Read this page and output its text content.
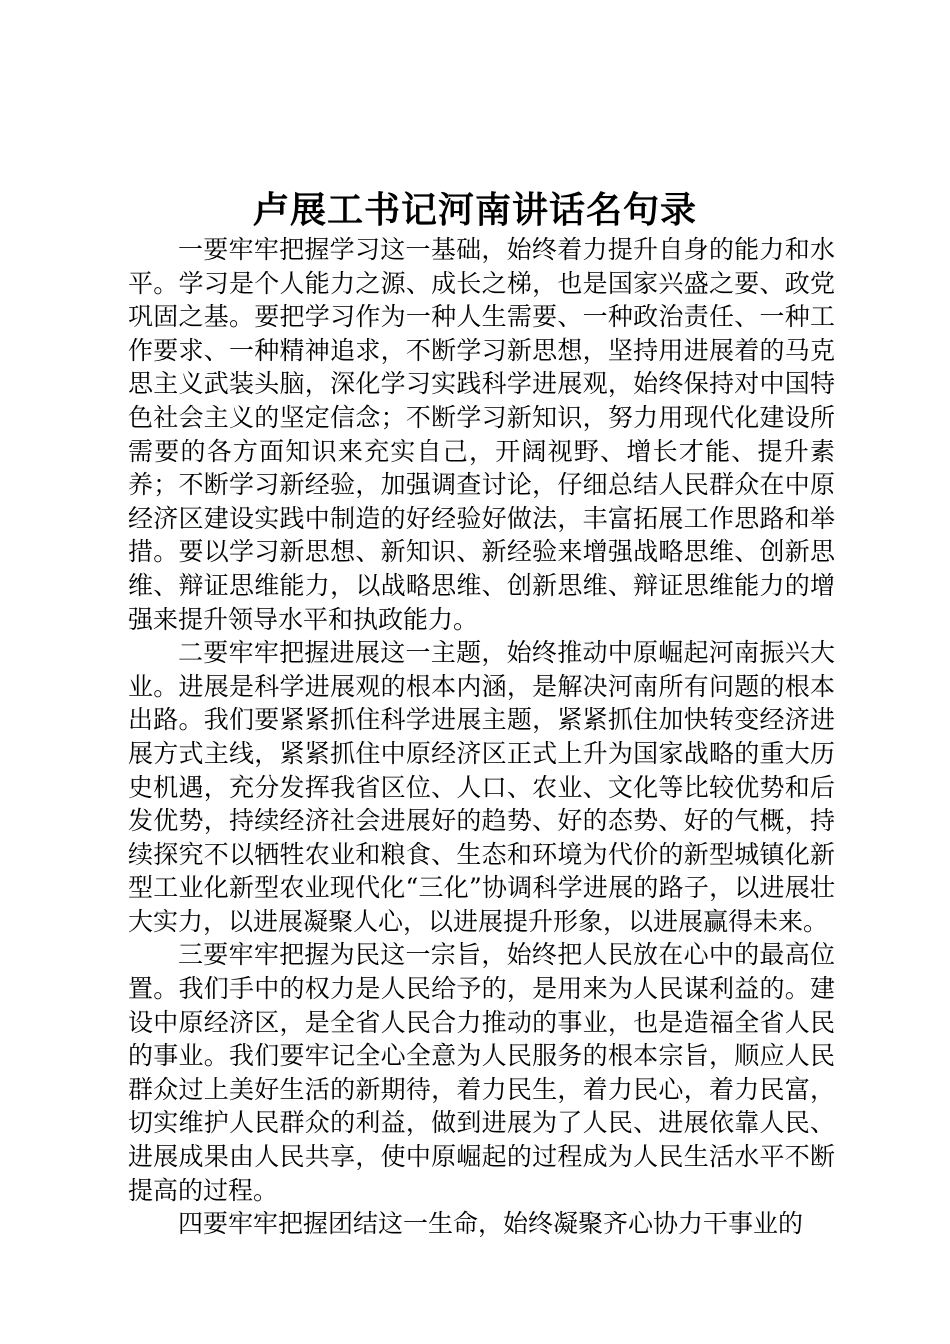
卢展工书记河南讲话名句录

一要牢牢把握学习这一基础，始终着力提升自身的能力和水平。学习是个人能力之源、成长之梯，也是国家兴盛之要、政党巩固之基。要把学习作为一种人生需要、一种政治责任、一种工作要求、一种精神追求，不断学习新思想，坚持用进展着的马克思主义武装头脑，深化学习实践科学进展观，始终保持对中国特色社会主义的坚定信念；不断学习新知识，努力用现代化建设所需要的各方面知识来充实自己，开阔视野、增长才能、提升素养；不断学习新经验，加强调查讨论，仔细总结人民群众在中原经济区建设实践中制造的好经验好做法，丰富拓展工作思路和举措。要以学习新思想、新知识、新经验来增强战略思维、创新思维、辩证思维能力，以战略思维、创新思维、辩证思维能力的增强来提升领导水平和执政能力。

二要牢牢把握进展这一主题，始终推动中原崛起河南振兴大业。进展是科学进展观的根本内涵，是解决河南所有问题的根本出路。我们要紧紧抓住科学进展主题，紧紧抓住加快转变经济进展方式主线，紧紧抓住中原经济区正式上升为国家战略的重大历史机遇，充分发挥我省区位、人口、农业、文化等比较优势和后发优势，持续经济社会进展好的趋势、好的态势、好的气概，持续探究不以牺牲农业和粮食、生态和环境为代价的新型城镇化新型工业化新型农业现代化“三化”协调科学进展的路子，以进展壮大实力，以进展凝聚人心，以进展提升形象，以进展赢得未来。

三要牢牢把握为民这一宗旨，始终把人民放在心中的最高位置。我们手中的权力是人民给予的，是用来为人民谋利益的。建设中原经济区，是全省人民合力推动的事业，也是造福全省人民的事业。我们要牢记全心全意为人民服务的根本宗旨，顺应人民群众过上美好生活的新期待，着力民生，着力民心，着力民富，切实维护人民群众的利益，做到进展为了人民、进展依靠人民、进展成果由人民共享，使中原崛起的过程成为人民生活水平不断提高的过程。

四要牢牢把握团结这一生命，始终凝聚齐心协力干事业的
